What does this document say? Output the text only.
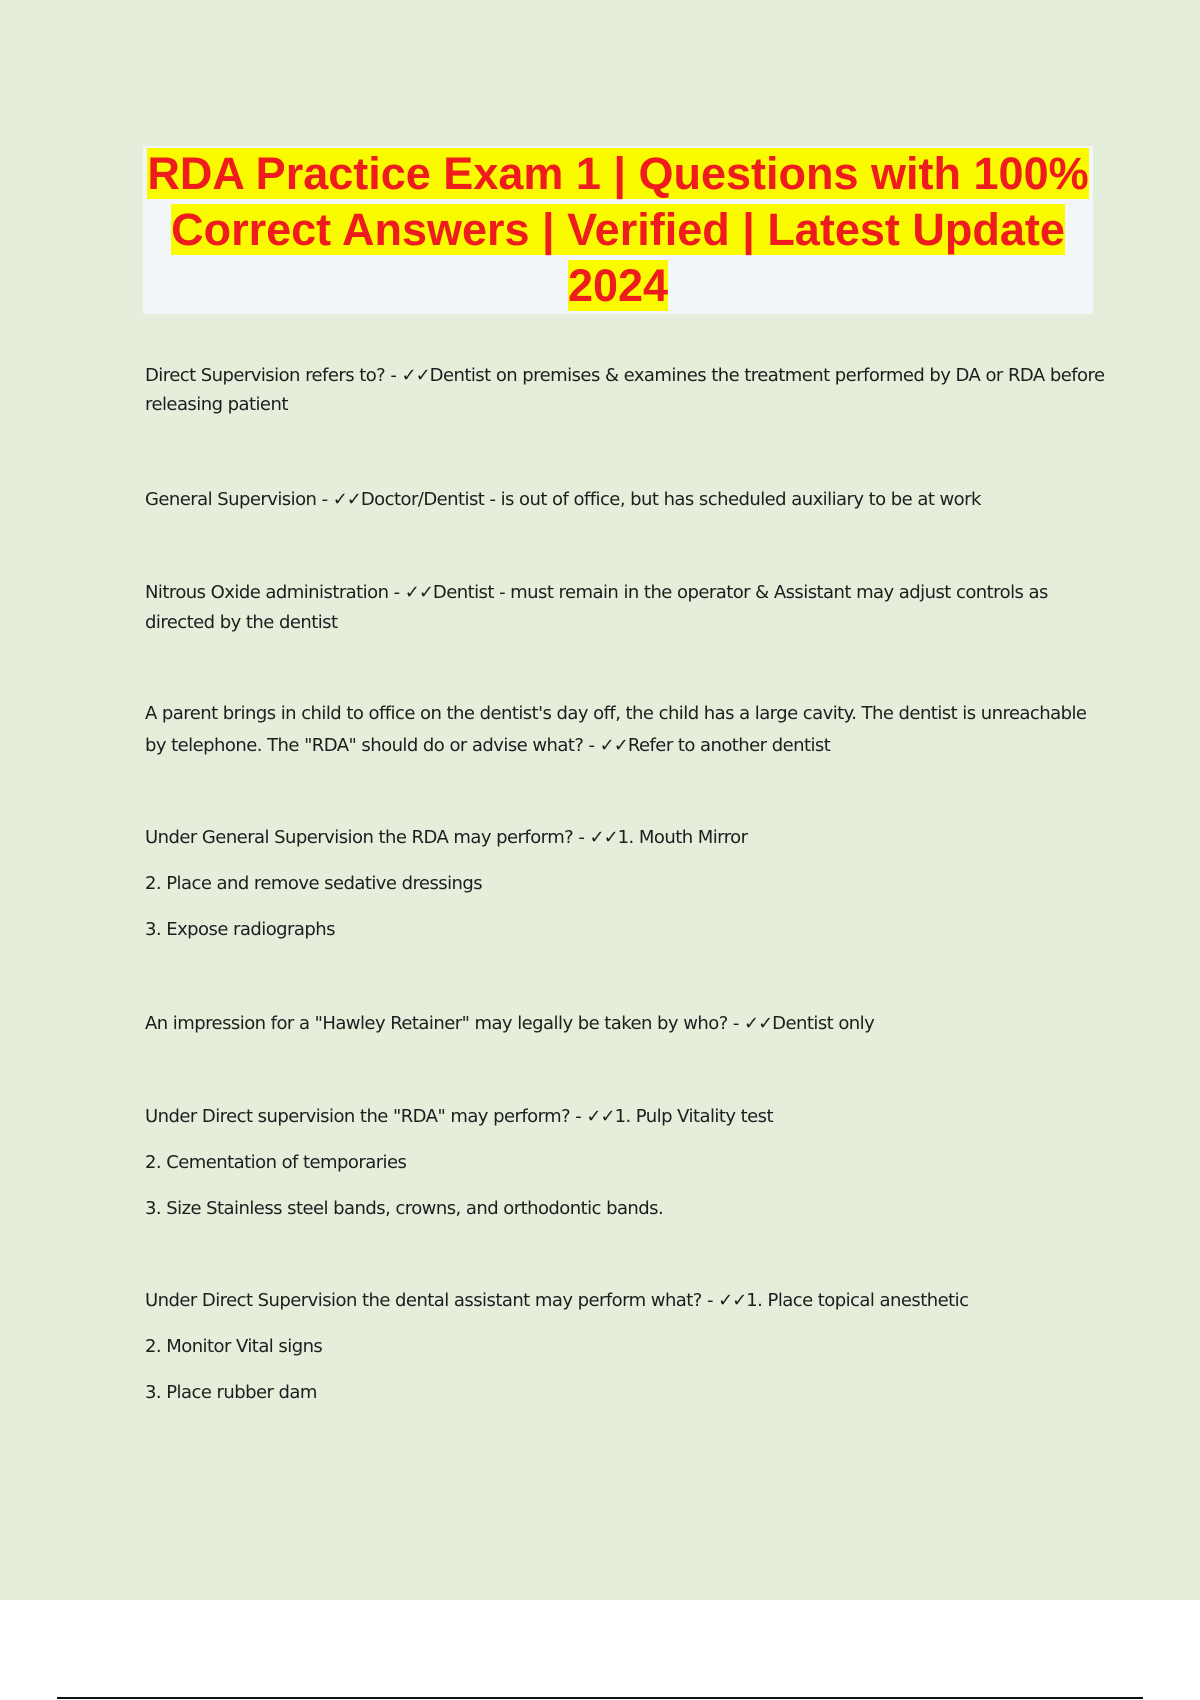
RDA Practice Exam 1 | Questions with 100% Correct Answers | Verified | Latest Update 2024

Direct Supervision refers to? - ✓✓Dentist on premises & examines the treatment performed by DA or RDA before releasing patient

General Supervision - ✓✓Doctor/Dentist - is out of office, but has scheduled auxiliary to be at work

Nitrous Oxide administration - ✓✓Dentist - must remain in the operator & Assistant may adjust controls as directed by the dentist

A parent brings in child to office on the dentist's day off, the child has a large cavity. The dentist is unreachable by telephone. The "RDA" should do or advise what? - ✓✓Refer to another dentist

Under General Supervision the RDA may perform? - ✓✓1. Mouth Mirror

2. Place and remove sedative dressings

3. Expose radiographs

An impression for a "Hawley Retainer" may legally be taken by who? - ✓✓Dentist only

Under Direct supervision the "RDA" may perform? - ✓✓1. Pulp Vitality test

2. Cementation of temporaries

3. Size Stainless steel bands, crowns, and orthodontic bands.

Under Direct Supervision the dental assistant may perform what? - ✓✓1. Place topical anesthetic

2. Monitor Vital signs

3. Place rubber dam
